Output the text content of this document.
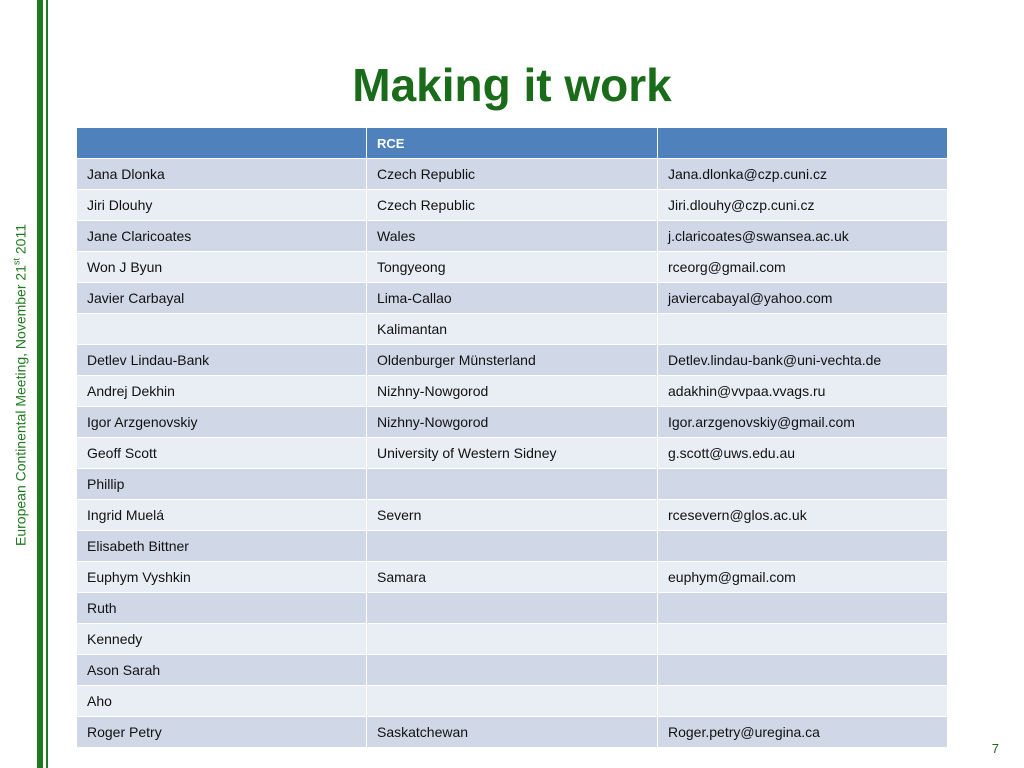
European Continental Meeting, November 21st 2011
Making it work
	RCE	
Jana Dlonka	Czech Republic	Jana.dlonka@czp.cuni.cz
Jiri Dlouhy	Czech Republic	Jiri.dlouhy@czp.cuni.cz
Jane Claricoates	Wales	j.claricoates@swansea.ac.uk
Won J Byun	Tongyeong	rceorg@gmail.com
Javier Carbayal	Lima-Callao	javiercabayal@yahoo.com
	Kalimantan	
Detlev Lindau-Bank	Oldenburger Münsterland	Detlev.lindau-bank@uni-vechta.de
Andrej Dekhin	Nizhny-Nowgorod	adakhin@vvpaa.vvags.ru
Igor Arzgenovskiy	Nizhny-Nowgorod	Igor.arzgenovskiy@gmail.com
Geoff Scott	University of Western Sidney	g.scott@uws.edu.au
Phillip		
Ingrid Muelá	Severn	rcesevern@glos.ac.uk
Elisabeth Bittner		
Euphym Vyshkin	Samara	euphym@gmail.com
Ruth		
Kennedy		
Ason Sarah		
Aho		
Roger Petry	Saskatchewan	Roger.petry@uregina.ca
7
